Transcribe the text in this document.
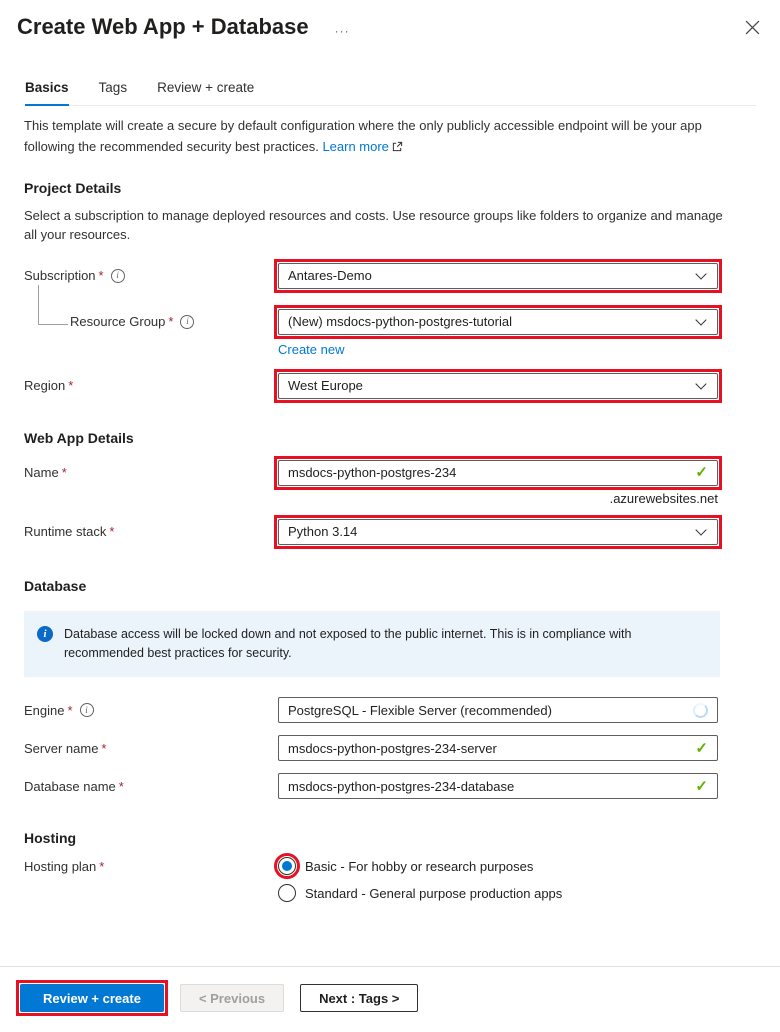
Create Web App + Database ···
Basics Tags Review + create
This template will create a secure by default configuration where the only publicly accessible endpoint will be your app following the recommended security best practices. Learn more
Project Details
Select a subscription to manage deployed resources and costs. Use resource groups like folders to organize and manage all your resources.
Subscription *	i	Antares-Demo
Resource Group *	i	(New) msdocs-python-postgres-tutorial
Create new
Region *	West Europe
Web App Details
Name *	msdocs-python-postgres-234	✓
.azurewebsites.net
Runtime stack *	Python 3.14
Database
i	Database access will be locked down and not exposed to the public internet. This is in compliance with recommended best practices for security.
Engine *	i	PostgreSQL - Flexible Server (recommended)
Server name *	msdocs-python-postgres-234-server	✓
Database name *	msdocs-python-postgres-234-database	✓
Hosting
Hosting plan *	Basic - For hobby or research purposes
Standard - General purpose production apps
Review + create	< Previous	Next : Tags >
